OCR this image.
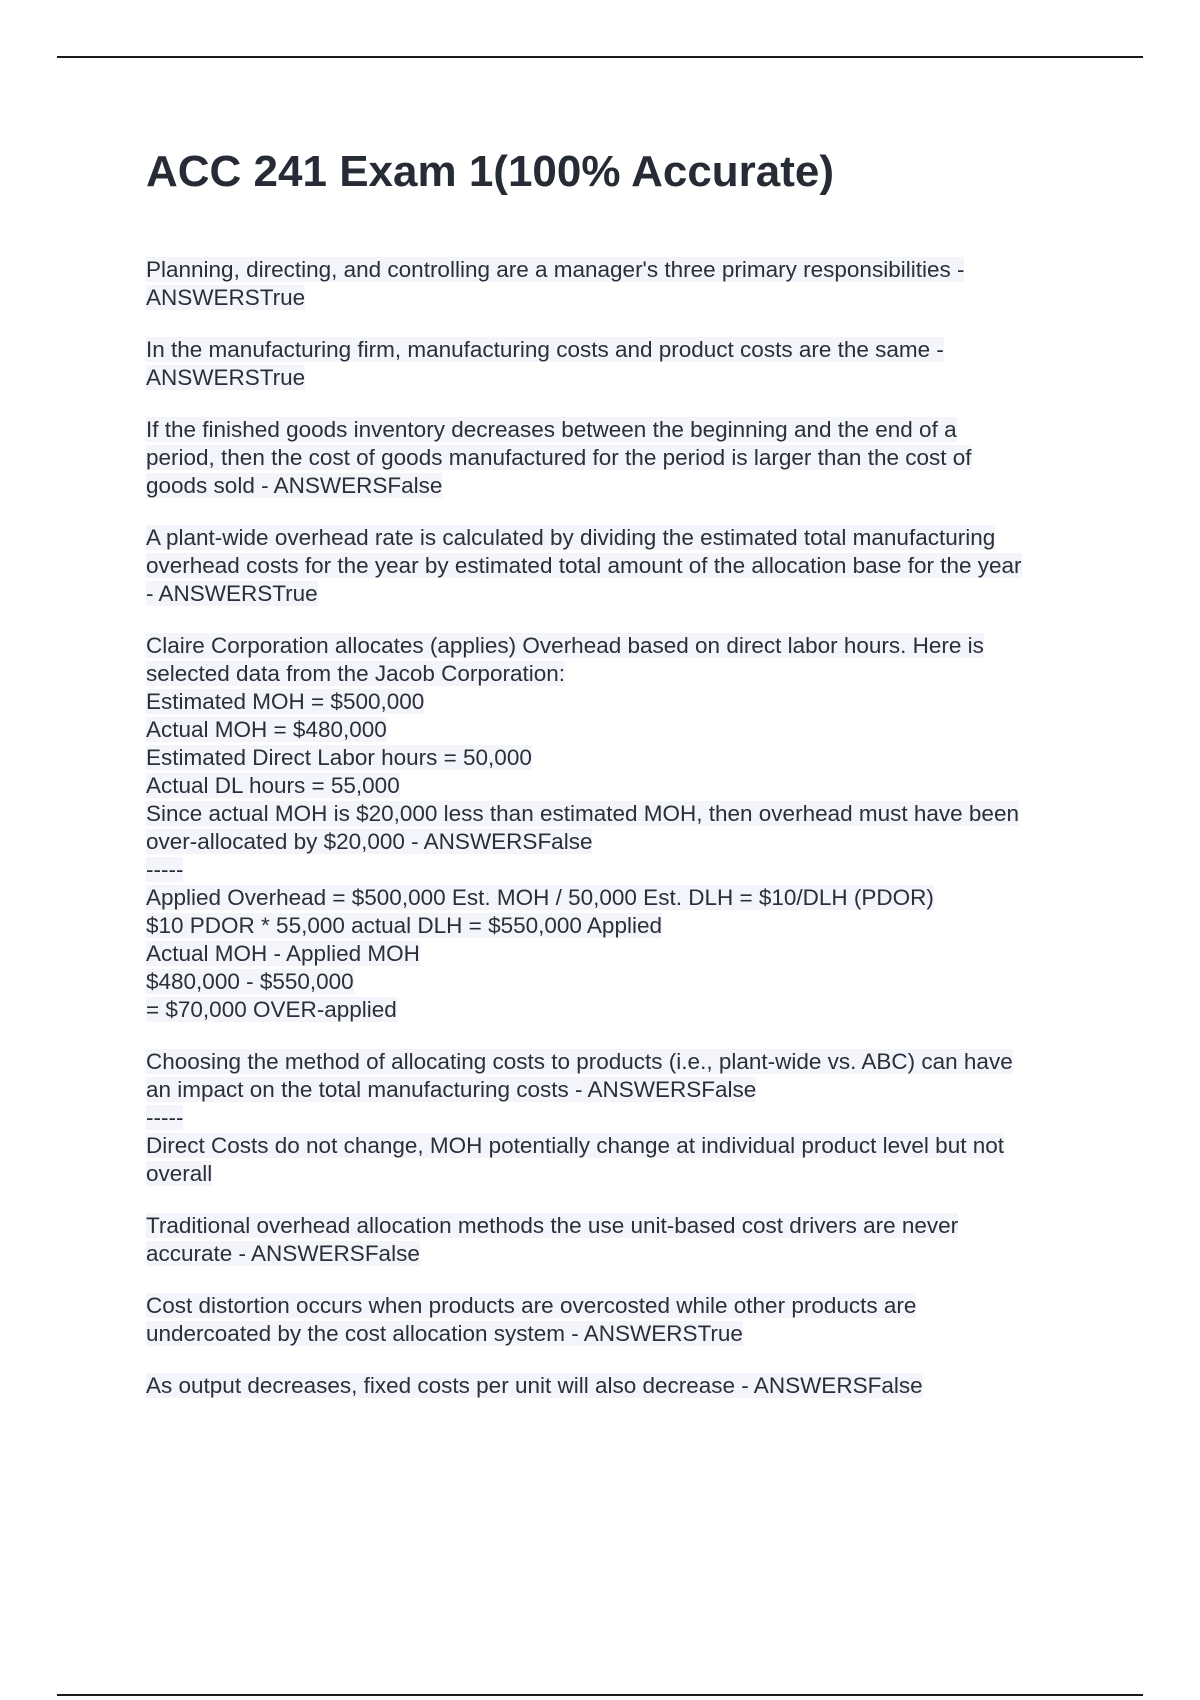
ACC 241 Exam 1(100% Accurate)
Planning, directing, and controlling are a manager's three primary responsibilities -
ANSWERSTrue
In the manufacturing firm, manufacturing costs and product costs are the same -
ANSWERSTrue
If the finished goods inventory decreases between the beginning and the end of a
period, then the cost of goods manufactured for the period is larger than the cost of
goods sold - ANSWERSFalse
A plant-wide overhead rate is calculated by dividing the estimated total manufacturing
overhead costs for the year by estimated total amount of the allocation base for the year
- ANSWERSTrue
Claire Corporation allocates (applies) Overhead based on direct labor hours. Here is
selected data from the Jacob Corporation:
Estimated MOH = $500,000
Actual MOH = $480,000
Estimated Direct Labor hours = 50,000
Actual DL hours = 55,000
Since actual MOH is $20,000 less than estimated MOH, then overhead must have been
over-allocated by $20,000 - ANSWERSFalse
-----
Applied Overhead = $500,000 Est. MOH / 50,000 Est. DLH = $10/DLH (PDOR)
$10 PDOR * 55,000 actual DLH = $550,000 Applied
Actual MOH - Applied MOH
$480,000 - $550,000
= $70,000 OVER-applied
Choosing the method of allocating costs to products (i.e., plant-wide vs. ABC) can have
an impact on the total manufacturing costs - ANSWERSFalse
-----
Direct Costs do not change, MOH potentially change at individual product level but not
overall
Traditional overhead allocation methods the use unit-based cost drivers are never
accurate - ANSWERSFalse
Cost distortion occurs when products are overcosted while other products are
undercoated by the cost allocation system - ANSWERSTrue
As output decreases, fixed costs per unit will also decrease - ANSWERSFalse
